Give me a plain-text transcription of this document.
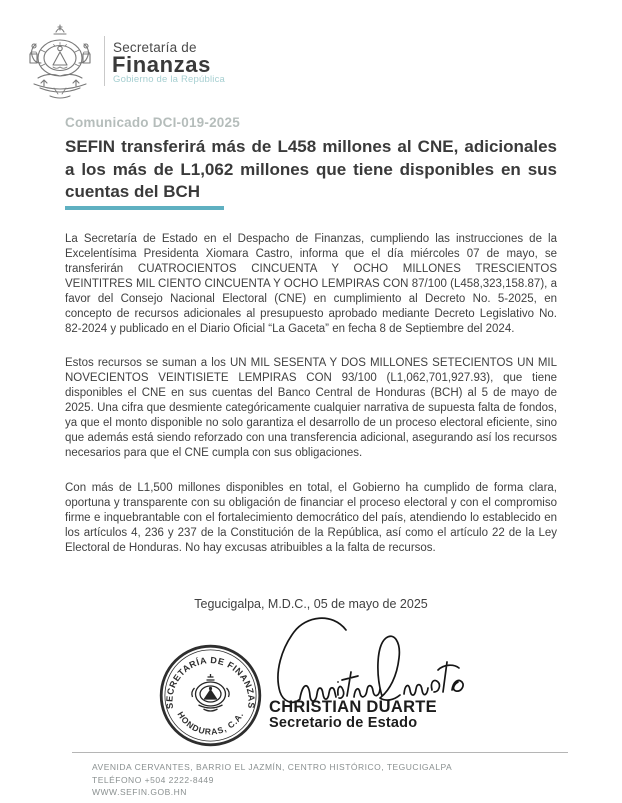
Secretaría de
Finanzas
Gobierno de la República
Comunicado DCI-019-2025
SEFIN transferirá más de L458 millones al CNE, adicionales a los más de L1,062 millones que tiene disponibles en sus cuentas del BCH

La Secretaría de Estado en el Despacho de Finanzas, cumpliendo las instrucciones de la Excelentísima Presidenta Xiomara Castro, informa que el día miércoles 07 de mayo, se transferirán CUATROCIENTOS CINCUENTA Y OCHO MILLONES TRESCIENTOS VEINTITRES MIL CIENTO CINCUENTA Y OCHO LEMPIRAS CON 87/100 (L458,323,158.87), a favor del Consejo Nacional Electoral (CNE) en cumplimiento al Decreto No. 5-2025, en concepto de recursos adicionales al presupuesto aprobado mediante Decreto Legislativo No. 82-2024 y publicado en el Diario Oficial “La Gaceta” en fecha 8 de Septiembre del 2024.

Estos recursos se suman a los UN MIL SESENTA Y DOS MILLONES SETECIENTOS UN MIL NOVECIENTOS VEINTISIETE LEMPIRAS CON 93/100 (L1,062,701,927.93), que tiene disponibles el CNE en sus cuentas del Banco Central de Honduras (BCH) al 5 de mayo de 2025. Una cifra que desmiente categóricamente cualquier narrativa de supuesta falta de fondos, ya que el monto disponible no solo garantiza el desarrollo de un proceso electoral eficiente, sino que además está siendo reforzado con una transferencia adicional, asegurando así los recursos necesarios para que el CNE cumpla con sus obligaciones.

Con más de L1,500 millones disponibles en total, el Gobierno ha cumplido de forma clara, oportuna y transparente con su obligación de financiar el proceso electoral y con el compromiso firme e inquebrantable con el fortalecimiento democrático del país, atendiendo lo establecido en los artículos 4, 236 y 237 de la Constitución de la República, así como el artículo 22 de la Ley Electoral de Honduras. No hay excusas atribuibles a la falta de recursos.

Tegucigalpa, M.D.C., 05 de mayo de 2025
SECRETARÍA DE FINANZAS
HONDURAS, C.A. CHRISTIAN DUARTE
Secretario de Estado
AVENIDA CERVANTES, BARRIO EL JAZMÍN, CENTRO HISTÓRICO, TEGUCIGALPA
TELÉFONO +504 2222-8449
WWW.SEFIN.GOB.HN
